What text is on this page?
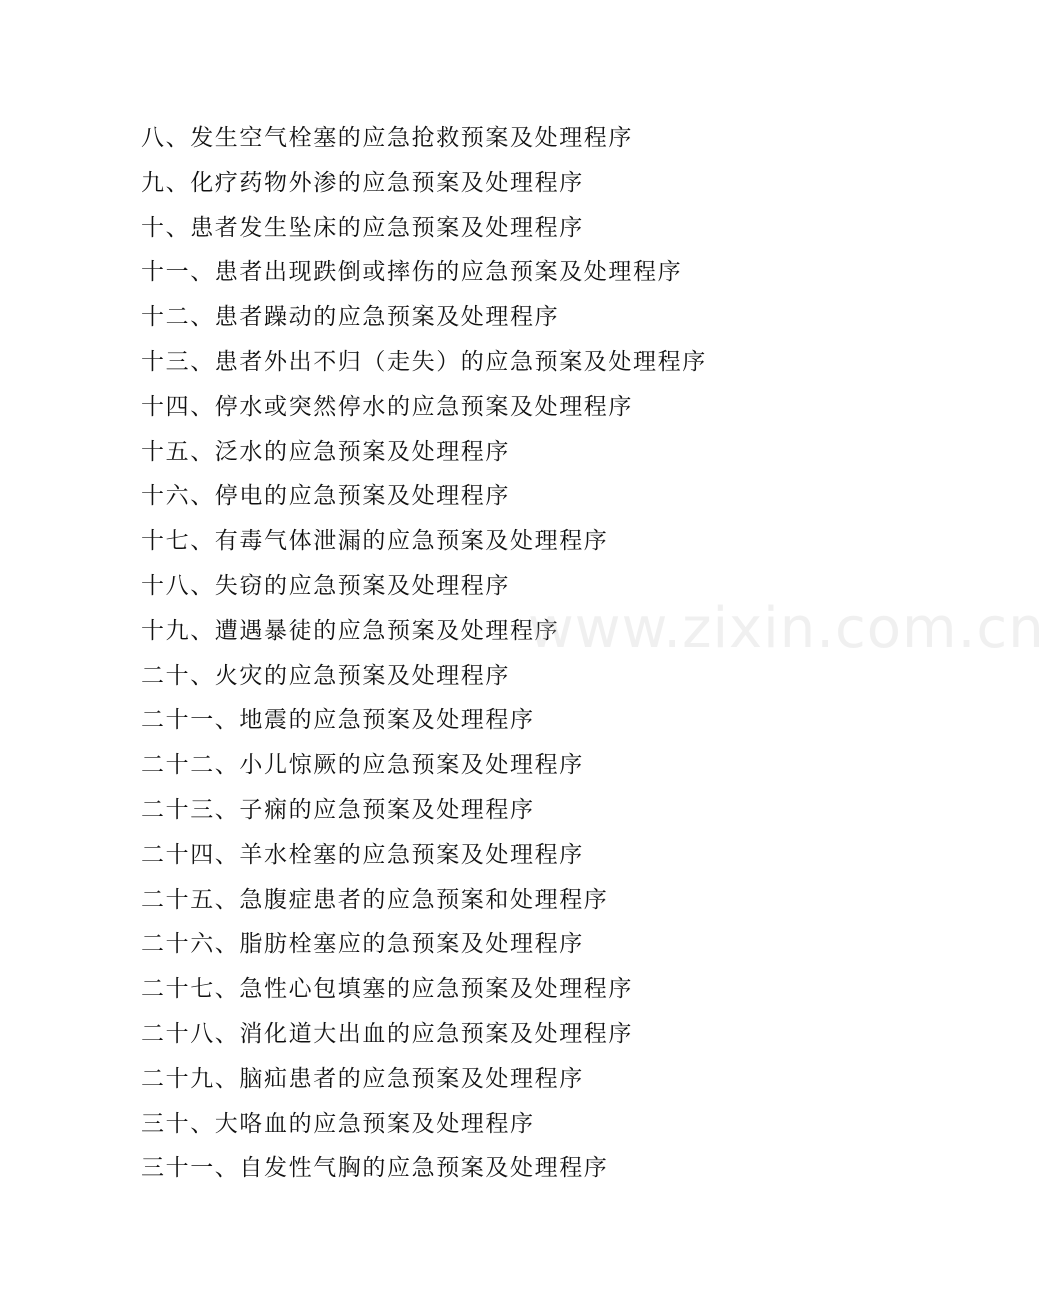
八、发生空气栓塞的应急抢救预案及处理程序
九、化疗药物外渗的应急预案及处理程序
十、患者发生坠床的应急预案及处理程序
十一、患者出现跌倒或摔伤的应急预案及处理程序
十二、患者躁动的应急预案及处理程序
十三、患者外出不归（走失）的应急预案及处理程序
十四、停水或突然停水的应急预案及处理程序
十五、泛水的应急预案及处理程序
十六、停电的应急预案及处理程序
十七、有毒气体泄漏的应急预案及处理程序
十八、失窃的应急预案及处理程序
十九、遭遇暴徒的应急预案及处理程序
二十、火灾的应急预案及处理程序
二十一、地震的应急预案及处理程序
二十二、小儿惊厥的应急预案及处理程序
二十三、子痫的应急预案及处理程序
二十四、羊水栓塞的应急预案及处理程序
二十五、急腹症患者的应急预案和处理程序
二十六、脂肪栓塞应的急预案及处理程序
二十七、急性心包填塞的应急预案及处理程序
二十八、消化道大出血的应急预案及处理程序
二十九、脑疝患者的应急预案及处理程序
三十、大咯血的应急预案及处理程序
三十一、自发性气胸的应急预案及处理程序
www.zixin.com.cn
